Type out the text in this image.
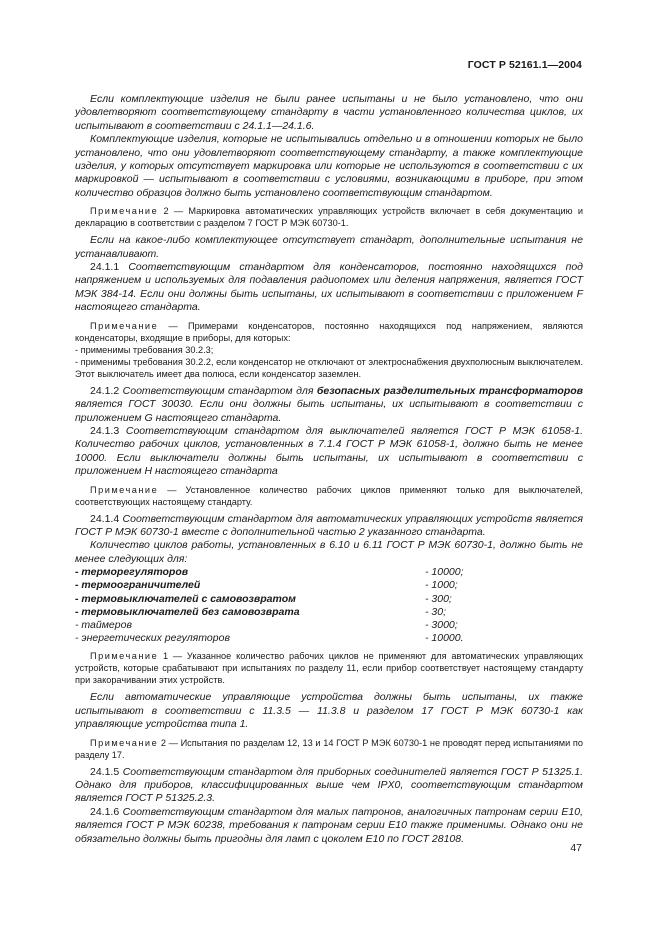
ГОСТ Р 52161.1—2004

Если комплектующие изделия не были ранее испытаны и не было установлено, что они удовлетворяют соответствующему стандарту в части установленного количества циклов, их испытывают в соответствии с 24.1.1—24.1.6.

Комплектующие изделия, которые не испытывались отдельно и в отношении которых не было установлено, что они удовлетворяют соответствующему стандарту, а также комплектующие изделия, у которых отсутствует маркировка или которые не используются в соответствии с их маркировкой — испытывают в соответствии с условиями, возникающими в приборе, при этом количество образцов должно быть установлено соответствующим стандартом.

Примечание 2 — Маркировка автоматических управляющих устройств включает в себя документацию и декларацию в соответствии с разделом 7 ГОСТ Р МЭК 60730-1.

Если на какое-либо комплектующее отсутствует стандарт, дополнительные испытания не устанавливают.

24.1.1 Соответствующим стандартом для конденсаторов, постоянно находящихся под напряжением и используемых для подавления радиопомех или деления напряжения, является ГОСТ МЭК 384-14. Если они должны быть испытаны, их испытывают в соответствии с приложением F настоящего стандарта.

Примечание — Примерами конденсаторов, постоянно находящихся под напряжением, являются конденсаторы, входящие в приборы, для которых:

- применимы требования 30.2.3;

- применимы требования 30.2.2, если конденсатор не отключают от электроснабжения двухполюсным выключателем. Этот выключатель имеет два полюса, если конденсатор заземлен.

24.1.2 Соответствующим стандартом для безопасных разделительных трансформаторов является ГОСТ 30030. Если они должны быть испытаны, их испытывают в соответствии с приложением G настоящего стандарта.

24.1.3 Соответствующим стандартом для выключателей является ГОСТ Р МЭК 61058-1. Количество рабочих циклов, установленных в 7.1.4 ГОСТ Р МЭК 61058-1, должно быть не менее 10000. Если выключатели должны быть испытаны, их испытывают в соответствии с приложением H настоящего стандарта

Примечание — Установленное количество рабочих циклов применяют только для выключателей, соответствующих настоящему стандарту.

24.1.4 Соответствующим стандартом для автоматических управляющих устройств является ГОСТ Р МЭК 60730-1 вместе с дополнительной частью 2 указанного стандарта.

Количество циклов работы, установленных в 6.10 и 6.11 ГОСТ Р МЭК 60730-1, должно быть не менее следующих для:

- терморегуляторов	- 10000;
- термоограничителей	- 1000;
- термовыключателей с самовозвратом	- 300;
- термовыключателей без самовозврата	- 30;
- таймеров	- 3000;
- энергетических регуляторов	- 10000.

Примечание 1 — Указанное количество рабочих циклов не применяют для автоматических управляющих устройств, которые срабатывают при испытаниях по разделу 11, если прибор соответствует настоящему стандарту при закорачивании этих устройств.

Если автоматические управляющие устройства должны быть испытаны, их также испытывают в соответствии с 11.3.5 — 11.3.8 и разделом 17 ГОСТ Р МЭК 60730-1 как управляющие устройства типа 1.

Примечание 2 — Испытания по разделам 12, 13 и 14 ГОСТ Р МЭК 60730-1 не проводят перед испытаниями по разделу 17.

24.1.5 Соответствующим стандартом для приборных соединителей является ГОСТ Р 51325.1. Однако для приборов, классифицированных выше чем IPX0, соответствующим стандартом является ГОСТ Р 51325.2.3.

24.1.6 Соответствующим стандартом для малых патронов, аналогичных патронам серии E10, является ГОСТ Р МЭК 60238, требования к патронам серии E10 также применимы. Однако они не обязательно должны быть пригодны для ламп с цоколем E10 по ГОСТ 28108.

47
